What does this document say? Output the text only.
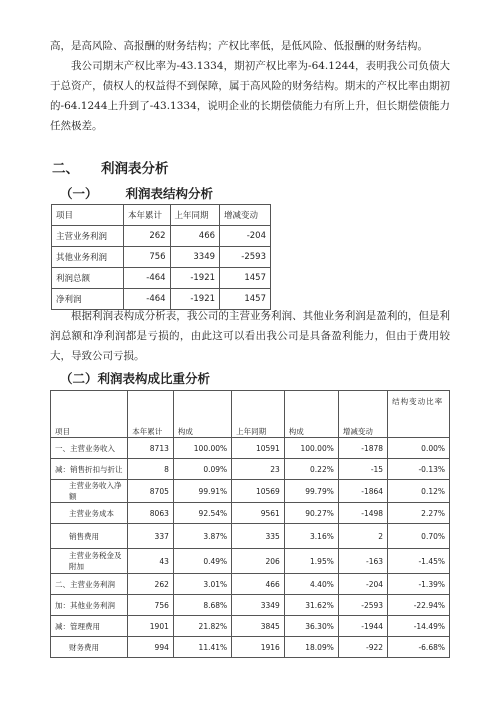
高，是高风险、高报酬的财务结构；产权比率低，是低风险、低报酬的财务结构。
我公司期末产权比率为-43.1334，期初产权比率为-64.1244，表明我公司负债大于总资产，债权人的权益得不到保障，属于高风险的财务结构。期末的产权比率由期初的-64.1244上升到了-43.1334，说明企业的长期偿债能力有所上升，但长期偿债能力任然极差。
二、 利润表分析
（一） 利润表结构分析
项目	本年累计	上年同期	增减变动
主营业务利润	262	466	-204
其他业务利润	756	3349	-2593
利润总额	-464	-1921	1457
净利润	-464	-1921	1457
根据利润表构成分析表，我公司的主营业务利润、其他业务利润是盈利的，但是利润总额和净利润都是亏损的，由此这可以看出我公司是具备盈利能力，但由于费用较大，导致公司亏损。
（二）利润表构成比重分析
项目	本年累计	构成	上年同期	构成	增减变动	结构变动比率
一、主营业务收入	8713	100.00%	10591	100.00%	-1878	0.00%
减：销售折扣与折让	8	0.09%	23	0.22%	-15	-0.13%
主营业务收入净额	8705	99.91%	10569	99.79%	-1864	0.12%
主营业务成本	8063	92.54%	9561	90.27%	-1498	2.27%
销售费用	337	3.87%	335	3.16%	2	0.70%
主营业务税金及附加	43	0.49%	206	1.95%	-163	-1.45%
二、主营业务利润	262	3.01%	466	4.40%	-204	-1.39%
加：其他业务利润	756	8.68%	3349	31.62%	-2593	-22.94%
减：管理费用	1901	21.82%	3845	36.30%	-1944	-14.49%
财务费用	994	11.41%	1916	18.09%	-922	-6.68%
